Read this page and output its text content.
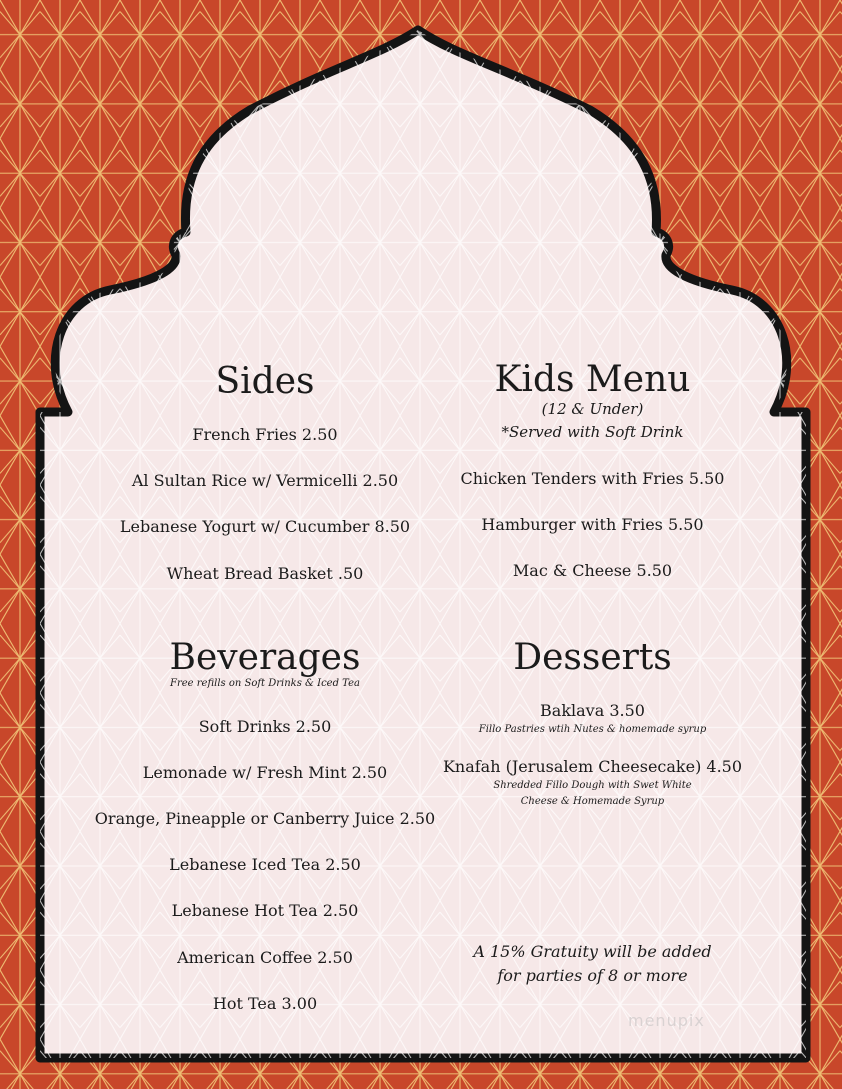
Sides
French Fries 2.50
Al Sultan Rice w/ Vermicelli 2.50
Lebanese Yogurt w/ Cucumber 8.50
Wheat Bread Basket .50
Beverages
Free refills on Soft Drinks & Iced Tea
Soft Drinks 2.50
Lemonade w/ Fresh Mint 2.50
Orange, Pineapple or Canberry Juice 2.50
Lebanese Iced Tea 2.50
Lebanese Hot Tea 2.50
American Coffee 2.50
Hot Tea 3.00
Kids Menu
(12 & Under)
*Served with Soft Drink
Chicken Tenders with Fries 5.50
Hamburger with Fries 5.50
Mac & Cheese 5.50
Desserts
Baklava 3.50
Fillo Pastries wtih Nutes & homemade syrup
Knafah (Jerusalem Cheesecake) 4.50
Shredded Fillo Dough with Swet White
Cheese & Homemade Syrup
A 15% Gratuity will be added
for parties of 8 or more
menupix
